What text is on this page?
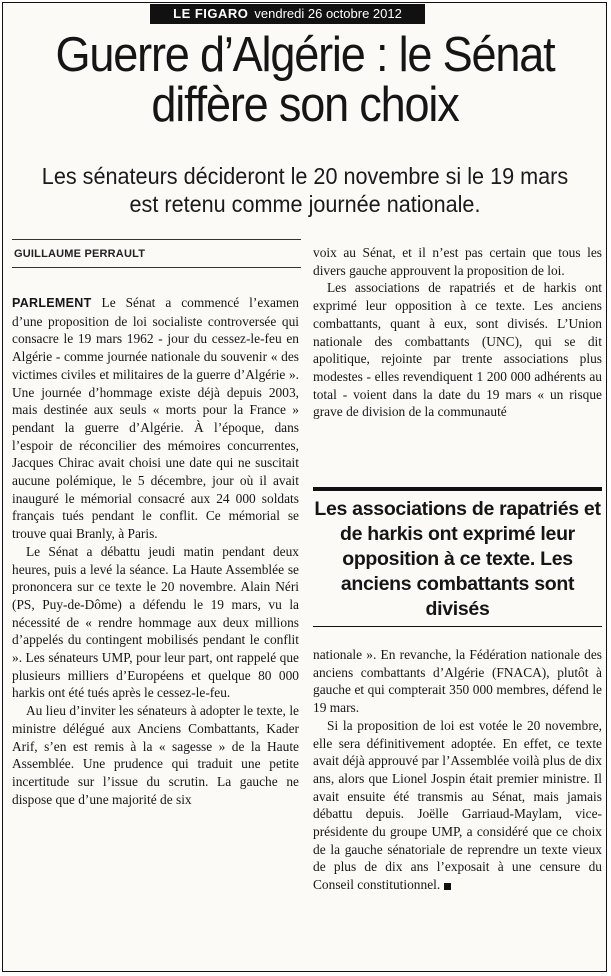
LE FIGARO vendredi 26 octobre 2012
Guerre d’Algérie : le Sénat diffère son choix
Les sénateurs décideront le 20 novembre si le 19 mars est retenu comme journée nationale.
GUILLAUME PERRAULT

PARLEMENT Le Sénat a commencé l’examen d’une proposition de loi socialiste controversée qui consacre le 19 mars 1962 - jour du cessez-le-feu en Algérie - comme journée nationale du souvenir « des victimes civiles et militaires de la guerre d’Algérie ». Une journée d’hommage existe déjà depuis 2003, mais destinée aux seuls « morts pour la France » pendant la guerre d’Algérie. À l’époque, dans l’espoir de réconcilier des mémoires concurrentes, Jacques Chirac avait choisi une date qui ne suscitait aucune polémique, le 5 décembre, jour où il avait inauguré le mémorial consacré aux 24 000 soldats français tués pendant le conflit. Ce mémorial se trouve quai Branly, à Paris.

Le Sénat a débattu jeudi matin pendant deux heures, puis a levé la séance. La Haute Assemblée se prononcera sur ce texte le 20 novembre. Alain Néri (PS, Puy-de-Dôme) a défendu le 19 mars, vu la nécessité de « rendre hommage aux deux millions d’appelés du contingent mobilisés pendant le conflit ». Les sénateurs UMP, pour leur part, ont rappelé que plusieurs milliers d’Européens et quelque 80 000 harkis ont été tués après le cessez-le-feu.

Au lieu d’inviter les sénateurs à adopter le texte, le ministre délégué aux Anciens Combattants, Kader Arif, s’en est remis à la « sagesse » de la Haute Assemblée. Une prudence qui traduit une petite incertitude sur l’issue du scrutin. La gauche ne dispose que d’une majorité de six

voix au Sénat, et il n’est pas certain que tous les divers gauche approuvent la proposition de loi.

Les associations de rapatriés et de harkis ont exprimé leur opposition à ce texte. Les anciens combattants, quant à eux, sont divisés. L’Union nationale des combattants (UNC), qui se dit apolitique, rejointe par trente associations plus modestes - elles revendiquent 1 200 000 adhérents au total - voient dans la date du 19 mars « un risque grave de division de la communauté

Les associations de rapatriés et de harkis ont exprimé leur opposition à ce texte. Les anciens combattants sont divisés

nationale ». En revanche, la Fédération nationale des anciens combattants d’Algérie (FNACA), plutôt à gauche et qui compterait 350 000 membres, défend le 19 mars.

Si la proposition de loi est votée le 20 novembre, elle sera définitivement adoptée. En effet, ce texte avait déjà approuvé par l’Assemblée voilà plus de dix ans, alors que Lionel Jospin était premier ministre. Il avait ensuite été transmis au Sénat, mais jamais débattu depuis. Joëlle Garriaud-Maylam, vice-présidente du groupe UMP, a considéré que ce choix de la gauche sénatoriale de reprendre un texte vieux de plus de dix ans l’exposait à une censure du Conseil constitutionnel.
